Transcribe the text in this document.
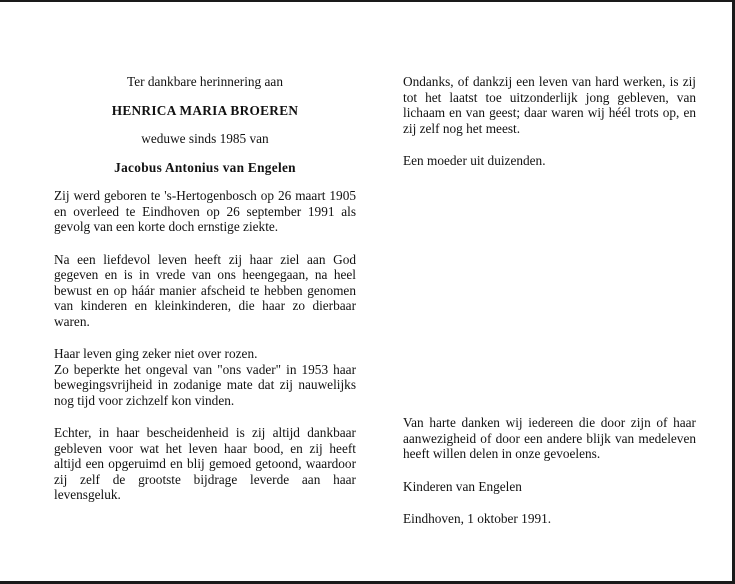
Ter dankbare herinnering aan

HENRICA MARIA BROEREN

weduwe sinds 1985 van

Jacobus Antonius van Engelen

Zij werd geboren te 's-Hertogenbosch op 26 maart 1905 en overleed te Eindhoven op 26 september 1991 als gevolg van een korte doch ernstige ziekte.

Na een liefdevol leven heeft zij haar ziel aan God gegeven en is in vrede van ons heengegaan, na heel bewust en op háár manier afscheid te hebben genomen van kinderen en kleinkinderen, die haar zo dierbaar waren.

Haar leven ging zeker niet over rozen.

Zo beperkte het ongeval van "ons vader" in 1953 haar bewegingsvrijheid in zodanige mate dat zij nauwelijks nog tijd voor zichzelf kon vinden.

Echter, in haar bescheidenheid is zij altijd dankbaar gebleven voor wat het leven haar bood, en zij heeft altijd een opgeruimd en blij gemoed getoond, waardoor zij zelf de grootste bijdrage leverde aan haar levensgeluk.

Ondanks, of dankzij een leven van hard werken, is zij tot het laatst toe uitzonderlijk jong gebleven, van lichaam en van geest; daar waren wij héél trots op, en zij zelf nog het meest.

Een moeder uit duizenden.

Van harte danken wij iedereen die door zijn of haar aanwezigheid of door een andere blijk van medeleven heeft willen delen in onze gevoelens.

Kinderen van Engelen

Eindhoven, 1 oktober 1991.
